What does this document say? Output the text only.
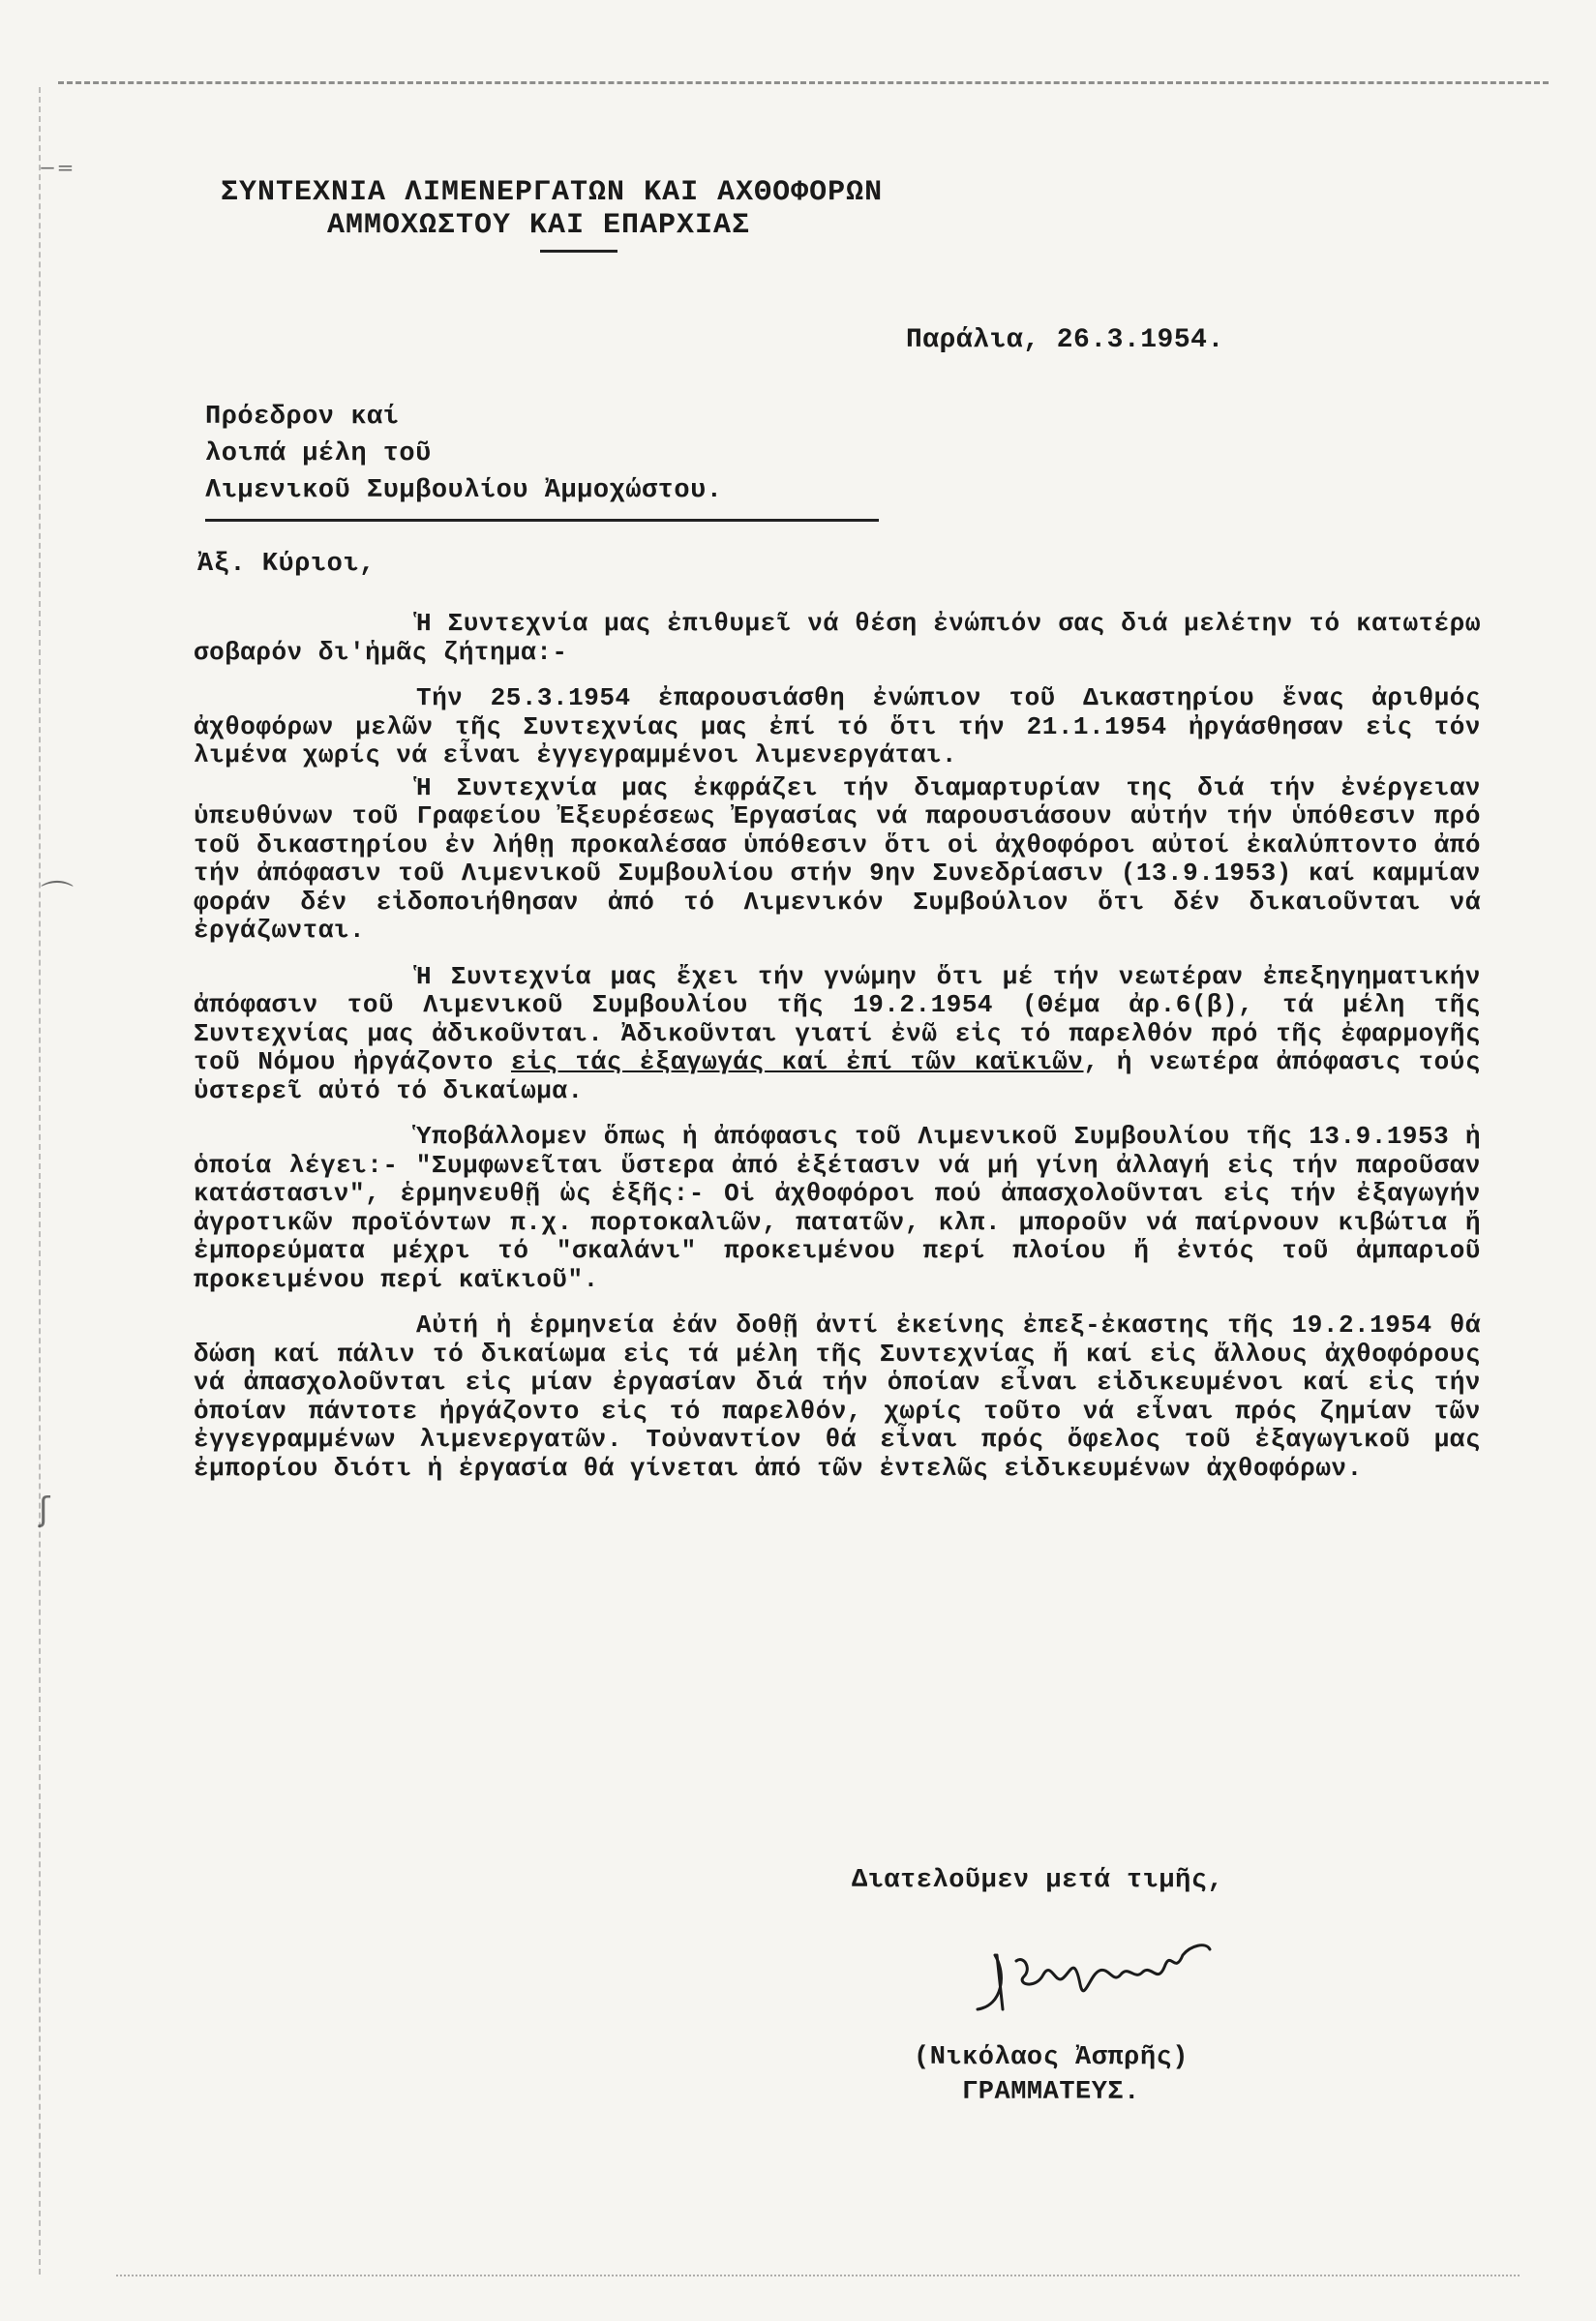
⁻⁼
⌒
ʃ
ΣΥΝΤΕΧΝΙΑ ΛΙΜΕΝΕΡΓΑΤΩΝ ΚΑΙ ΑΧΘΟΦΟΡΩΝ
ΑΜΜΟΧΩΣΤΟΥ ΚΑΙ ΕΠΑΡΧΙΑΣ
Παράλια, 26.3.1954.
Πρόεδρον καί
λοιπά μέλη τοῦ
Λιμενικοῦ Συμβουλίου Ἀμμοχώστου.
Ἀξ. Κύριοι,

Ἡ Συντεχνία μας ἐπιθυμεῖ νά θέση ἐνώπιόν σας διά μελέτην τό κατωτέρω σοβαρόν δι'ἡμᾶς ζήτημα:-

Τήν 25.3.1954 ἐπαρουσιάσθη ἐνώπιον τοῦ Δικαστηρίου ἕνας ἀριθμός ἀχθοφόρων μελῶν τῆς Συντεχνίας μας ἐπί τό ὅτι τήν 21.1.1954 ἠργάσθησαν εἰς τόν λιμένα χωρίς νά εἶναι ἐγγεγραμμένοι λιμενεργάται.

Ἡ Συντεχνία μας ἐκφράζει τήν διαμαρτυρίαν της διά τήν ἐνέργειαν ὑπευθύνων τοῦ Γραφείου Ἐξευρέσεως Ἐργασίας νά παρουσιάσουν αὐτήν τήν ὑπόθεσιν πρό τοῦ δικαστηρίου ἐν λήθῃ προκαλέσασ ὑπόθεσιν ὅτι οἱ ἀχθοφόροι αὐτοί ἐκαλύπτοντο ἀπό τήν ἀπόφασιν τοῦ Λιμενικοῦ Συμβουλίου στήν 9ην Συνεδρίασιν (13.9.1953) καί καμμίαν φοράν δέν εἰδοποιήθησαν ἀπό τό Λιμενικόν Συμβούλιον ὅτι δέν δικαιοῦνται νά ἐργάζωνται.

Ἡ Συντεχνία μας ἔχει τήν γνώμην ὅτι μέ τήν νεωτέραν ἐπεξηγηματικήν ἀπόφασιν τοῦ Λιμενικοῦ Συμβουλίου τῆς 19.2.1954 (Θέμα ἀρ.6(β), τά μέλη τῆς Συντεχνίας μας ἀδικοῦνται. Ἀδικοῦνται γιατί ἐνῶ εἰς τό παρελθόν πρό τῆς ἐφαρμογῆς τοῦ Νόμου ἠργάζοντο εἰς τάς ἐξαγωγάς καί ἐπί τῶν καϊκιῶν, ἡ νεωτέρα ἀπόφασις τούς ὑστερεῖ αὐτό τό δικαίωμα.

Ὑποβάλλομεν ὅπως ἡ ἀπόφασις τοῦ Λιμενικοῦ Συμβουλίου τῆς 13.9.1953 ἡ ὁποία λέγει:- "Συμφωνεῖται ὕστερα ἀπό ἐξέτασιν νά μή γίνη ἀλλαγή εἰς τήν παροῦσαν κατάστασιν", ἑρμηνευθῇ ὡς ἑξῆς:- Οἱ ἀχθοφόροι πού ἀπασχολοῦνται εἰς τήν ἐξαγωγήν ἀγροτικῶν προϊόντων π.χ. πορτοκαλιῶν, πατατῶν, κλπ. μποροῦν νά παίρνουν κιβώτια ἤ ἐμπορεύματα μέχρι τό "σκαλάνι" προκειμένου περί πλοίου ἤ ἐντός τοῦ ἀμπαριοῦ προκειμένου περί καϊκιοῦ".

Αὐτή ἡ ἑρμηνεία ἐάν δοθῇ ἀντί ἐκείνης ἐπεξ-ἐκαστης τῆς 19.2.1954 θά δώση καί πάλιν τό δικαίωμα εἰς τά μέλη τῆς Συντεχνίας ἤ καί εἰς ἄλλους ἀχθοφόρους νά ἀπασχολοῦνται εἰς μίαν ἐργασίαν διά τήν ὁποίαν εἶναι εἰδικευμένοι καί εἰς τήν ὁποίαν πάντοτε ἠργάζοντο εἰς τό παρελθόν, χωρίς τοῦτο νά εἶναι πρός ζημίαν τῶν ἐγγεγραμμένων λιμενεργατῶν. Τοὐναντίον θά εἶναι πρός ὄφελος τοῦ ἐξαγωγικοῦ μας ἐμπορίου διότι ἡ ἐργασία θά γίνεται ἀπό τῶν ἐντελῶς εἰδικευμένων ἀχθοφόρων.

Διατελοῦμεν μετά τιμῆς,
(Νικόλαος Ἀσπρῆς)
ΓΡΑΜΜΑΤΕΥΣ.
